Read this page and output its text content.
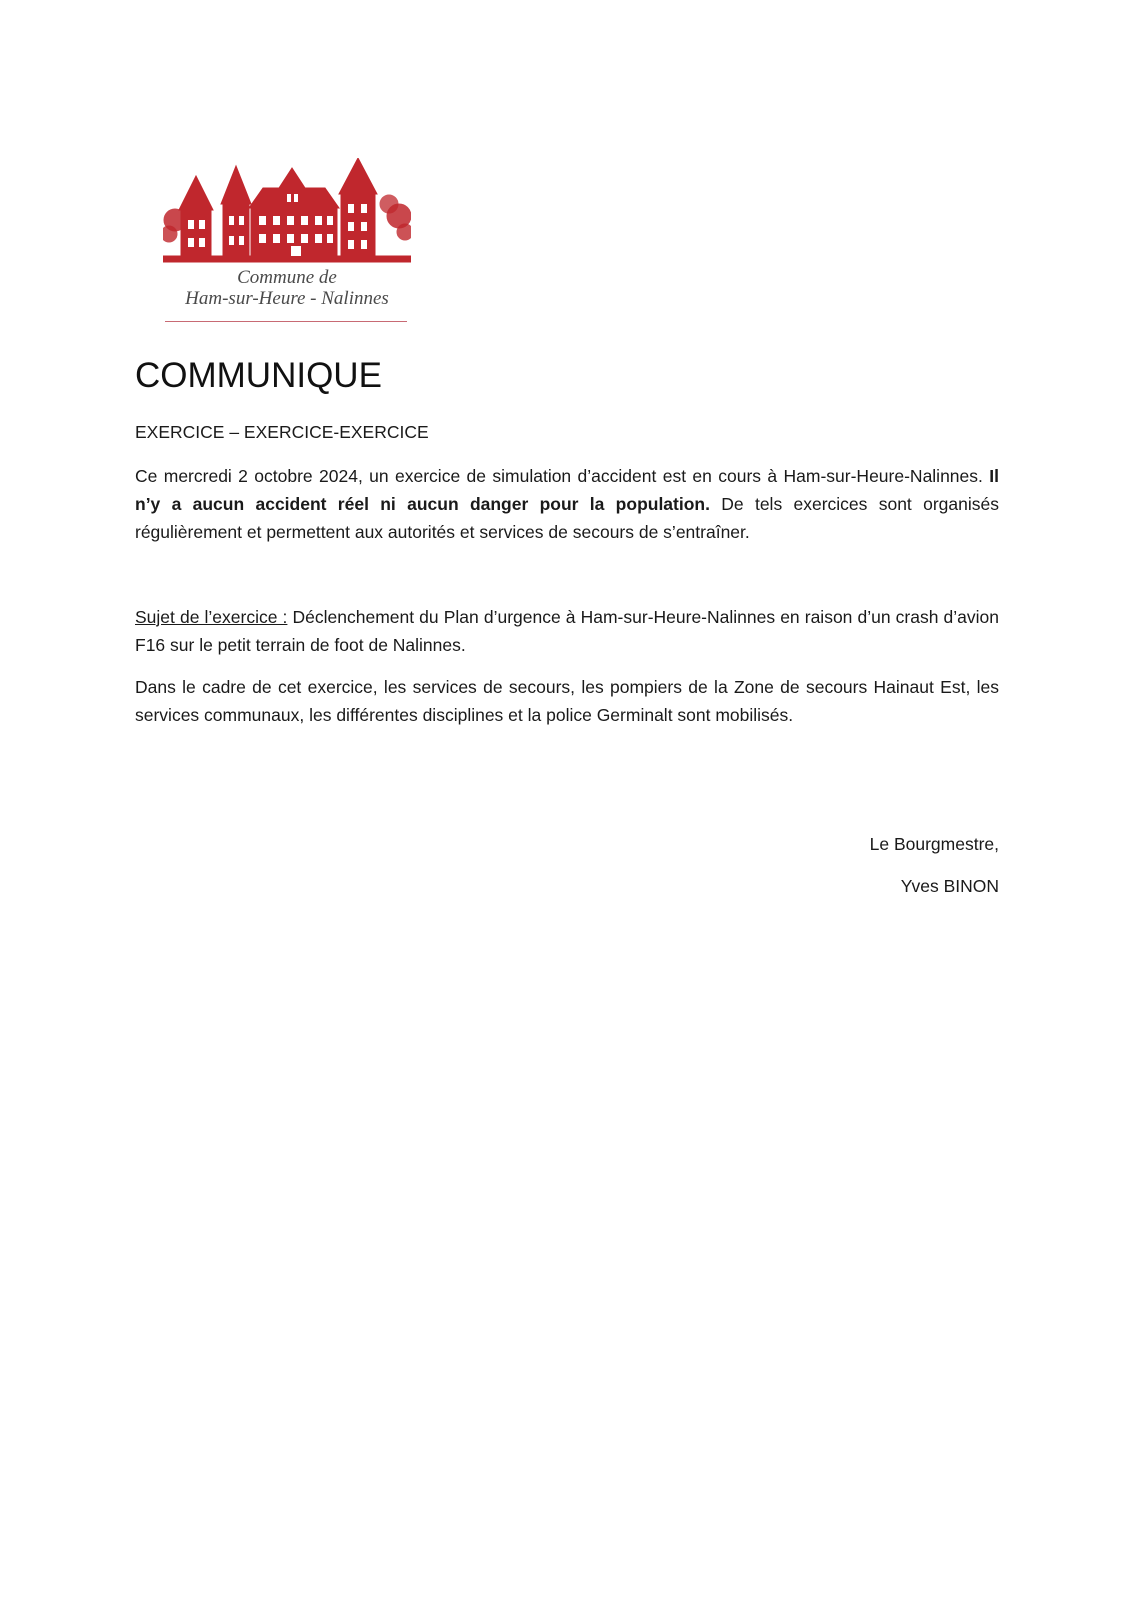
Commune de
Ham-sur-Heure - Nalinnes
COMMUNIQUE
EXERCICE – EXERCICE-EXERCICE

Ce mercredi 2 octobre 2024, un exercice de simulation d’accident est en cours à Ham-sur-Heure-Nalinnes. Il n’y a aucun accident réel ni aucun danger pour la population. De tels exercices sont organisés régulièrement et permettent aux autorités et services de secours de s’entraîner.

Sujet de l’exercice : Déclenchement du Plan d’urgence à Ham-sur-Heure-Nalinnes en raison d’un crash d’avion F16 sur le petit terrain de foot de Nalinnes.

Dans le cadre de cet exercice, les services de secours, les pompiers de la Zone de secours Hainaut Est, les services communaux, les différentes disciplines et la police Germinalt sont mobilisés.

Le Bourgmestre,
Yves BINON
